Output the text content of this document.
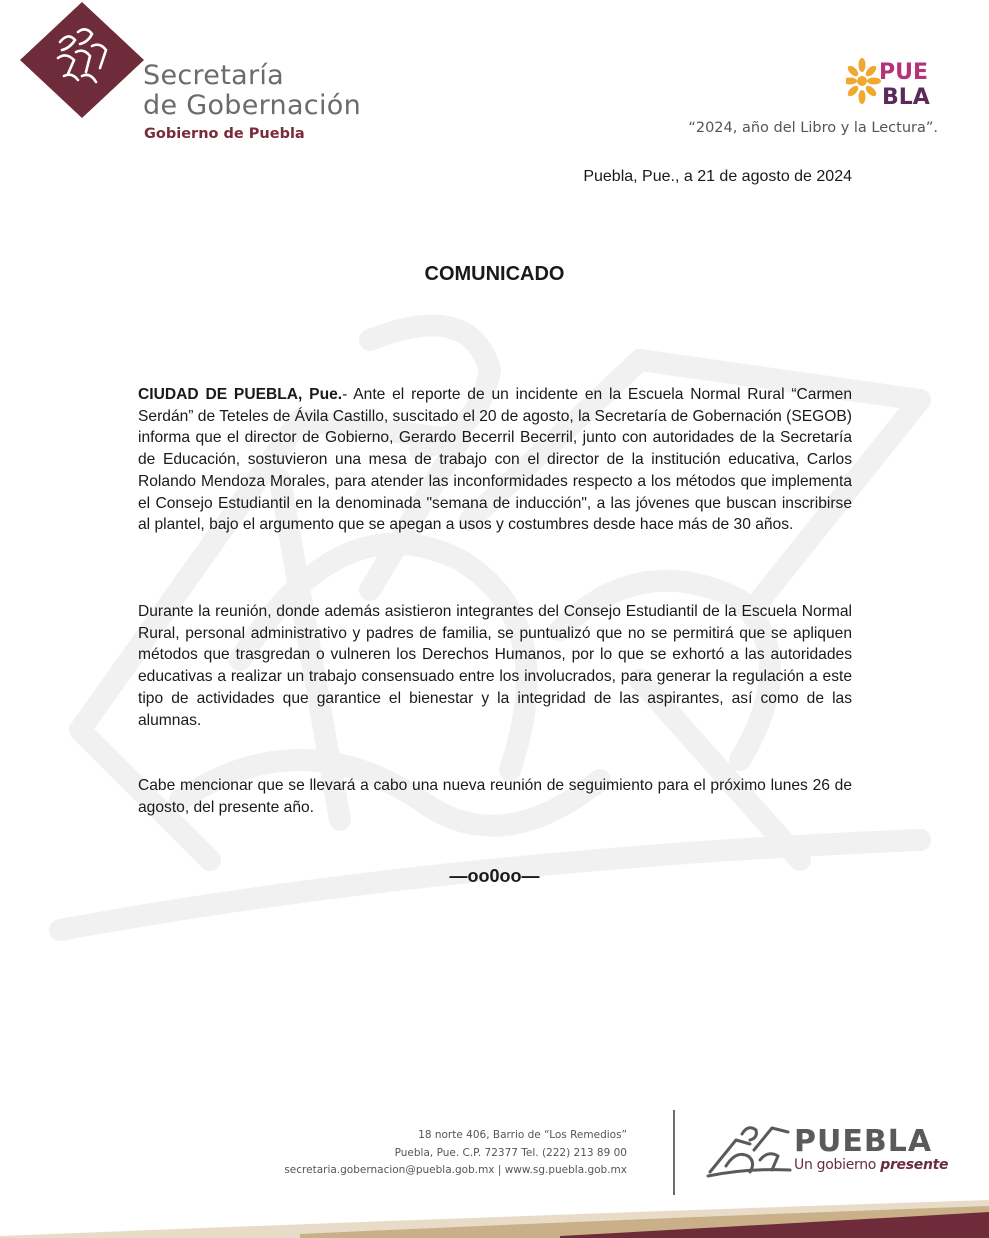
Secretaría
de Gobernación
Gobierno de Puebla
PUE
BLA
“2024, año del Libro y la Lectura”.
Puebla, Pue., a 21 de agosto de 2024
COMUNICADO
CIUDAD DE PUEBLA, Pue.- Ante el reporte de un incidente en la Escuela Normal Rural “Carmen Serdán” de Teteles de Ávila Castillo, suscitado el 20 de agosto, la Secretaría de Gobernación (SEGOB) informa que el director de Gobierno, Gerardo Becerril Becerril, junto con autoridades de la Secretaría de Educación, sostuvieron una mesa de trabajo con el director de la institución educativa, Carlos Rolando Mendoza Morales, para atender las inconformidades respecto a los métodos que implementa el Consejo Estudiantil en la denominada "semana de inducción", a las jóvenes que buscan inscribirse al plantel, bajo el argumento que se apegan a usos y costumbres desde hace más de 30 años.
Durante la reunión, donde además asistieron integrantes del Consejo Estudiantil de la Escuela Normal Rural, personal administrativo y padres de familia, se puntualizó que no se permitirá que se apliquen métodos que trasgredan o vulneren los Derechos Humanos, por lo que se exhortó a las autoridades educativas a realizar un trabajo consensuado entre los involucrados, para generar la regulación a este tipo de actividades que garantice el bienestar y la integridad de las aspirantes, así como de las alumnas.
Cabe mencionar que se llevará a cabo una nueva reunión de seguimiento para el próximo lunes 26 de agosto, del presente año.
—oo0oo—
18 norte 406, Barrio de “Los Remedios”
Puebla, Pue. C.P. 72377 Tel. (222) 213 89 00
secretaria.gobernacion@puebla.gob.mx | www.sg.puebla.gob.mx
PUEBLA
Un gobierno presente
